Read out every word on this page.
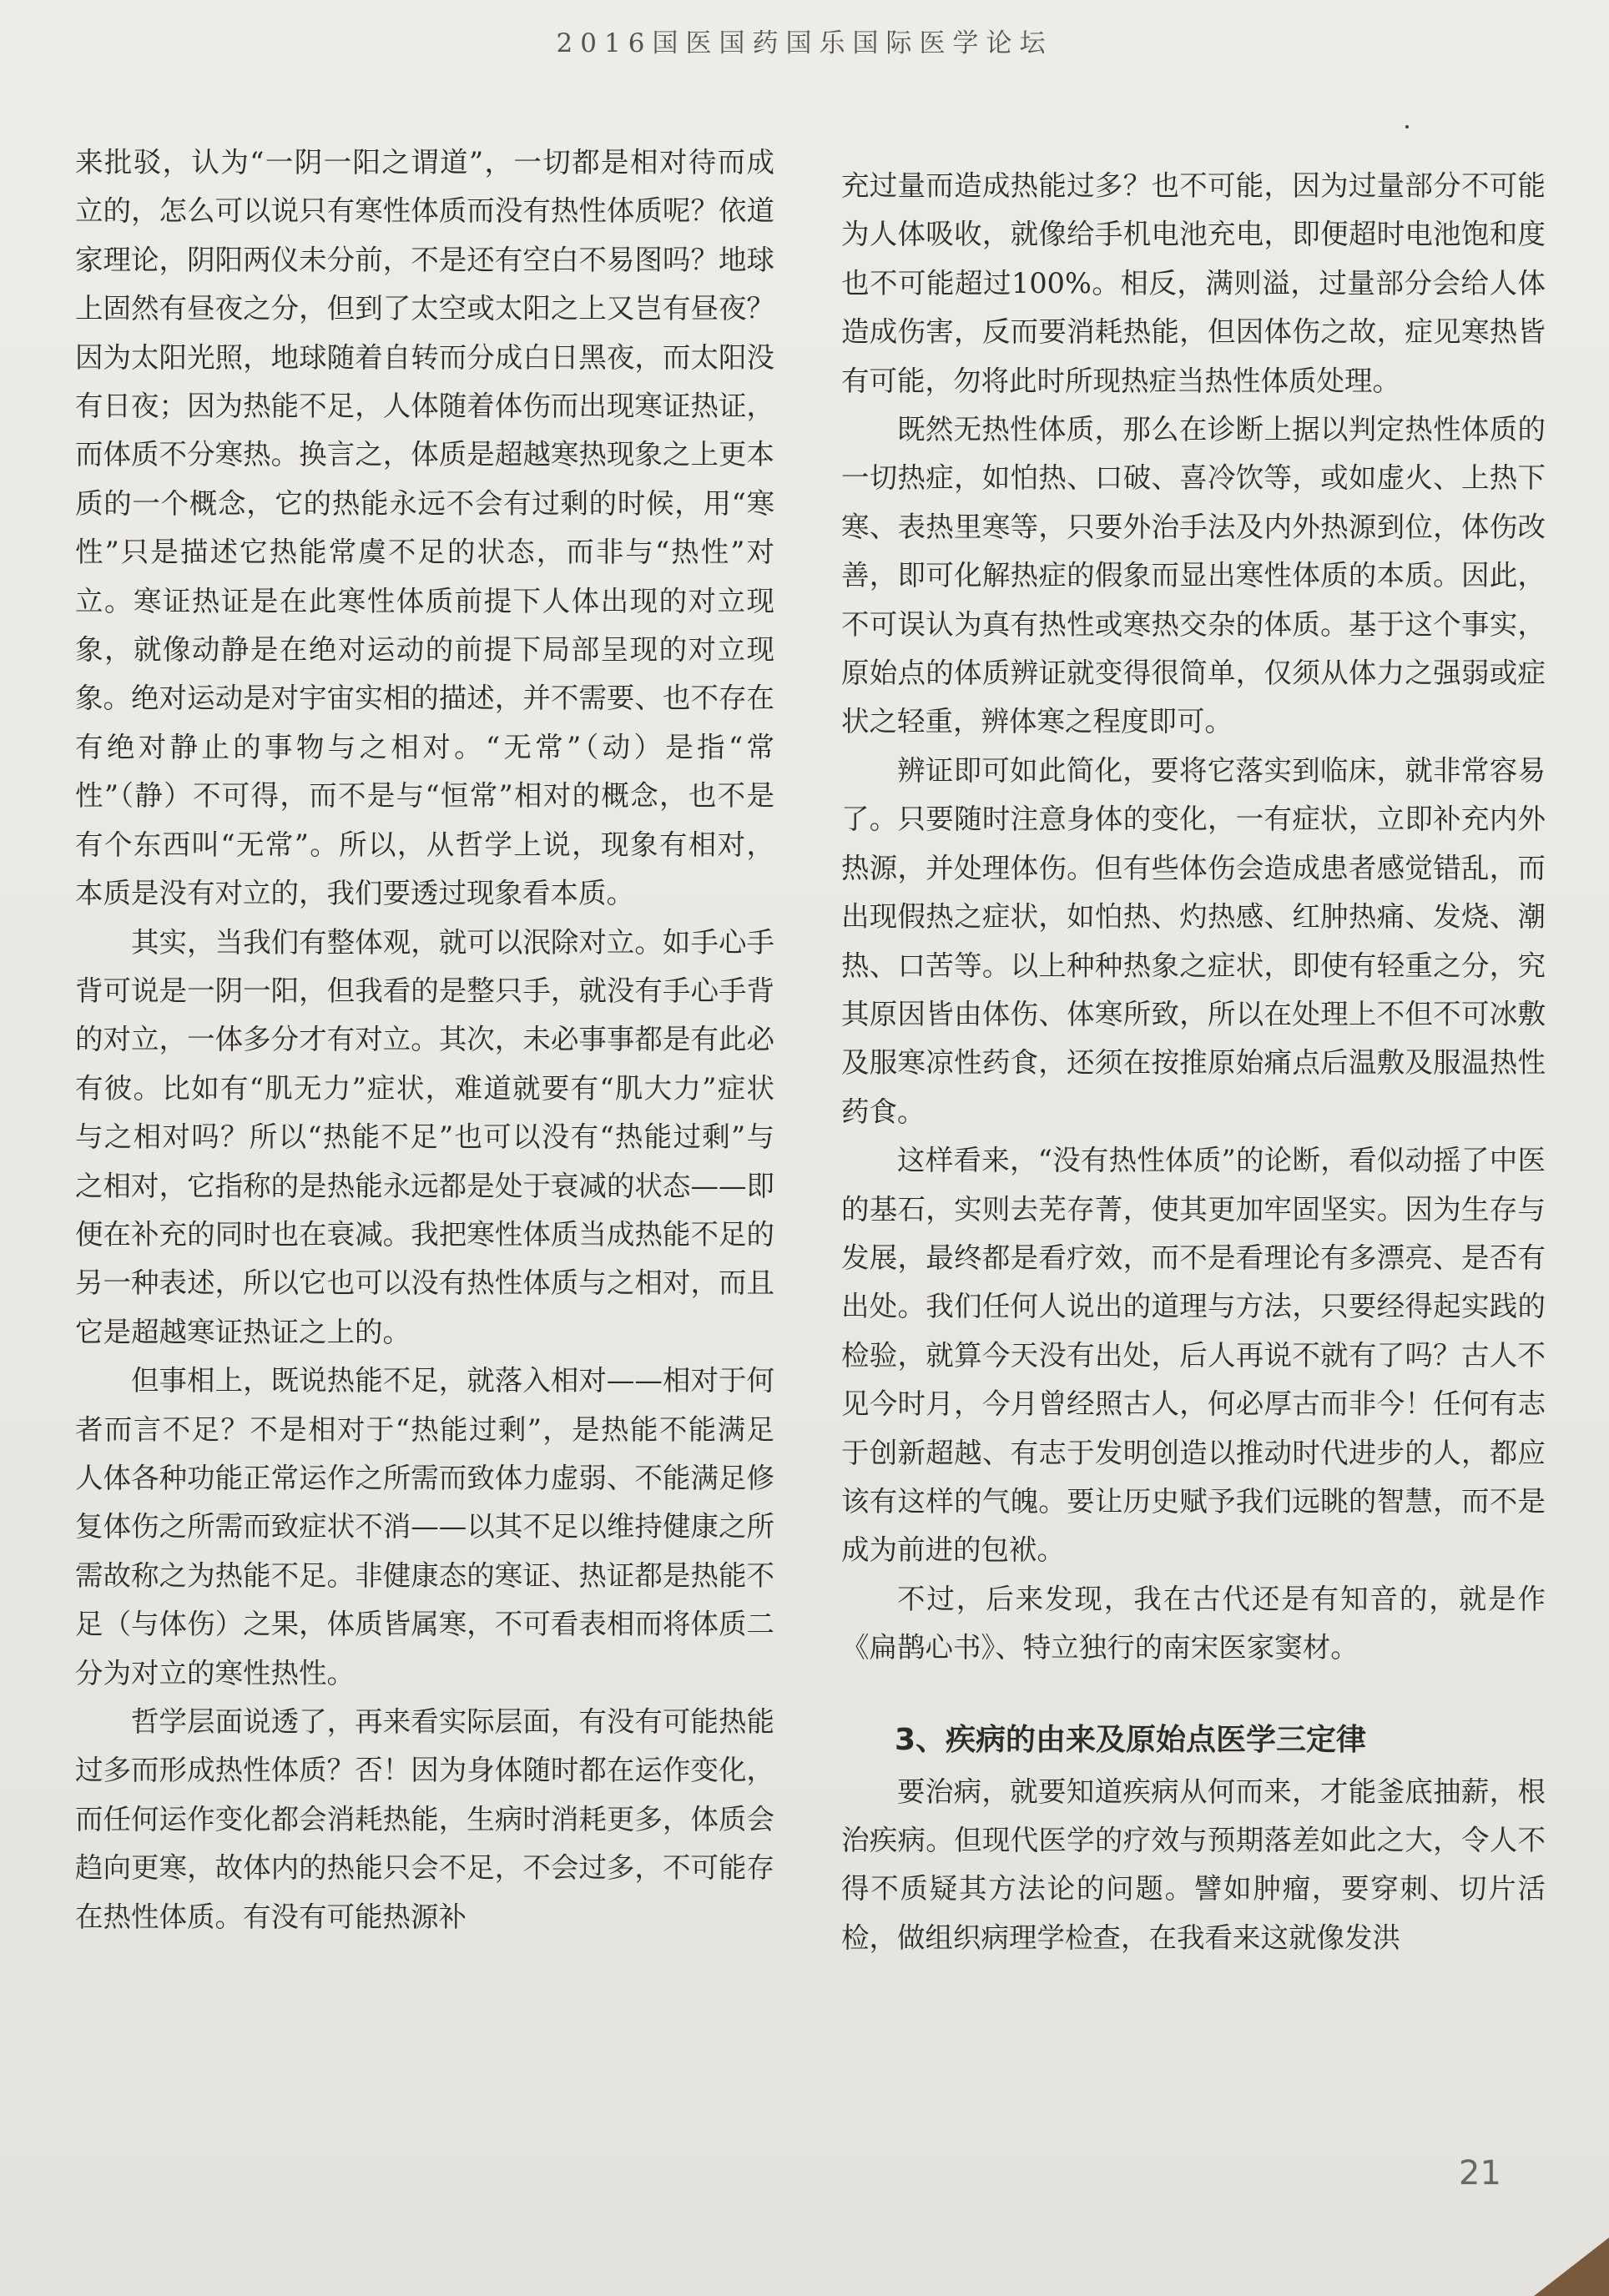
2016国医国药国乐国际医学论坛

来批驳，认为“一阴一阳之谓道”，一切都是相对待而成立的，怎么可以说只有寒性体质而没有热性体质呢？依道家理论，阴阳两仪未分前，不是还有空白不易图吗？地球上固然有昼夜之分，但到了太空或太阳之上又岂有昼夜？因为太阳光照，地球随着自转而分成白日黑夜，而太阳没有日夜；因为热能不足，人体随着体伤而出现寒证热证，而体质不分寒热。换言之，体质是超越寒热现象之上更本质的一个概念，它的热能永远不会有过剩的时候，用“寒性”只是描述它热能常虞不足的状态，而非与“热性”对立。寒证热证是在此寒性体质前提下人体出现的对立现象，就像动静是在绝对运动的前提下局部呈现的对立现象。绝对运动是对宇宙实相的描述，并不需要、也不存在有绝对静止的事物与之相对。“无常”（动）是指“常性”（静）不可得，而不是与“恒常”相对的概念，也不是有个东西叫“无常”。所以，从哲学上说，现象有相对，本质是没有对立的，我们要透过现象看本质。

其实，当我们有整体观，就可以泯除对立。如手心手背可说是一阴一阳，但我看的是整只手，就没有手心手背的对立，一体多分才有对立。其次，未必事事都是有此必有彼。比如有“肌无力”症状，难道就要有“肌大力”症状与之相对吗？所以“热能不足”也可以没有“热能过剩”与之相对，它指称的是热能永远都是处于衰减的状态——即便在补充的同时也在衰减。我把寒性体质当成热能不足的另一种表述，所以它也可以没有热性体质与之相对，而且它是超越寒证热证之上的。

但事相上，既说热能不足，就落入相对——相对于何者而言不足？不是相对于“热能过剩”，是热能不能满足人体各种功能正常运作之所需而致体力虚弱、不能满足修复体伤之所需而致症状不消——以其不足以维持健康之所需故称之为热能不足。非健康态的寒证、热证都是热能不足（与体伤）之果，体质皆属寒，不可看表相而将体质二分为对立的寒性热性。

哲学层面说透了，再来看实际层面，有没有可能热能过多而形成热性体质？否！因为身体随时都在运作变化，而任何运作变化都会消耗热能，生病时消耗更多，体质会趋向更寒，故体内的热能只会不足，不会过多，不可能存在热性体质。有没有可能热源补

充过量而造成热能过多？也不可能，因为过量部分不可能为人体吸收，就像给手机电池充电，即便超时电池饱和度也不可能超过100%。相反，满则溢，过量部分会给人体造成伤害，反而要消耗热能，但因体伤之故，症见寒热皆有可能，勿将此时所现热症当热性体质处理。

既然无热性体质，那么在诊断上据以判定热性体质的一切热症，如怕热、口破、喜冷饮等，或如虚火、上热下寒、表热里寒等，只要外治手法及内外热源到位，体伤改善，即可化解热症的假象而显出寒性体质的本质。因此，不可误认为真有热性或寒热交杂的体质。基于这个事实，原始点的体质辨证就变得很简单，仅须从体力之强弱或症状之轻重，辨体寒之程度即可。

辨证即可如此简化，要将它落实到临床，就非常容易了。只要随时注意身体的变化，一有症状，立即补充内外热源，并处理体伤。但有些体伤会造成患者感觉错乱，而出现假热之症状，如怕热、灼热感、红肿热痛、发烧、潮热、口苦等。以上种种热象之症状，即使有轻重之分，究其原因皆由体伤、体寒所致，所以在处理上不但不可冰敷及服寒凉性药食，还须在按推原始痛点后温敷及服温热性药食。

这样看来，“没有热性体质”的论断，看似动摇了中医的基石，实则去芜存菁，使其更加牢固坚实。因为生存与发展，最终都是看疗效，而不是看理论有多漂亮、是否有出处。我们任何人说出的道理与方法，只要经得起实践的检验，就算今天没有出处，后人再说不就有了吗？古人不见今时月，今月曾经照古人，何必厚古而非今！任何有志于创新超越、有志于发明创造以推动时代进步的人，都应该有这样的气魄。要让历史赋予我们远眺的智慧，而不是成为前进的包袱。

不过，后来发现，我在古代还是有知音的，就是作《扁鹊心书》、特立独行的南宋医家窦材。

3、疾病的由来及原始点医学三定律

要治病，就要知道疾病从何而来，才能釜底抽薪，根治疾病。但现代医学的疗效与预期落差如此之大，令人不得不质疑其方法论的问题。譬如肿瘤，要穿刺、切片活检，做组织病理学检查，在我看来这就像发洪

21
